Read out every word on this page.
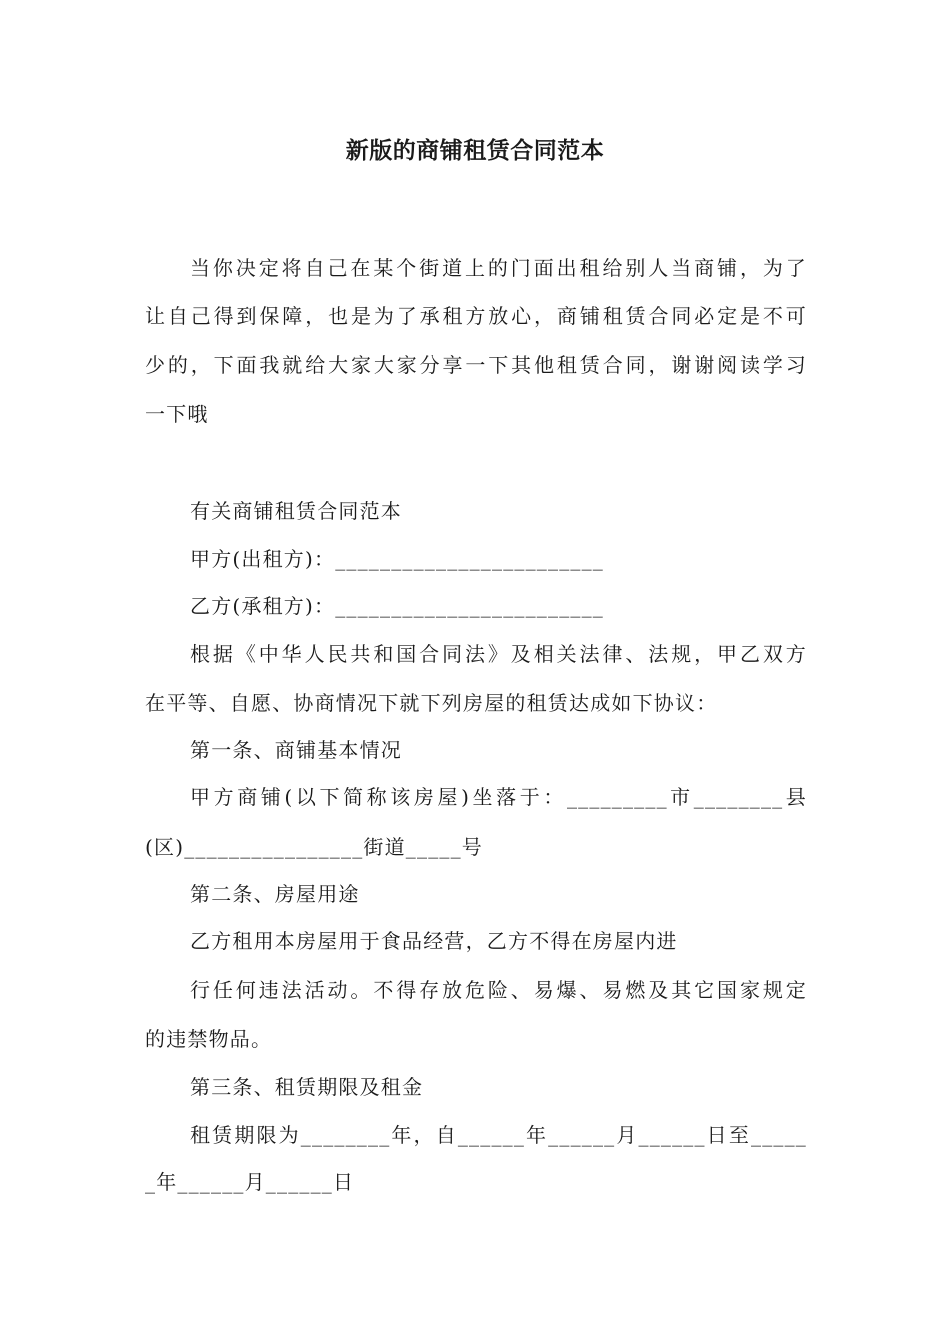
新版的商铺租赁合同范本
当你决定将自己在某个街道上的门面出租给别人当商铺，为了
让自己得到保障，也是为了承租方放心，商铺租赁合同必定是不可
少的，下面我就给大家大家分享一下其他租赁合同，谢谢阅读学习
一下哦
有关商铺租赁合同范本
甲方(出租方)：________________________
乙方(承租方)：________________________
根据《中华人民共和国合同法》及相关法律、法规，甲乙双方
在平等、自愿、协商情况下就下列房屋的租赁达成如下协议：
第一条、商铺基本情况
甲方商铺(以下简称该房屋)坐落于：_________市________县
(区)________________街道_____号
第二条、房屋用途
乙方租用本房屋用于食品经营，乙方不得在房屋内进
行任何违法活动。不得存放危险、易爆、易燃及其它国家规定
的违禁物品。
第三条、租赁期限及租金
租赁期限为________年，自______年______月______日至_____
_年______月______日
